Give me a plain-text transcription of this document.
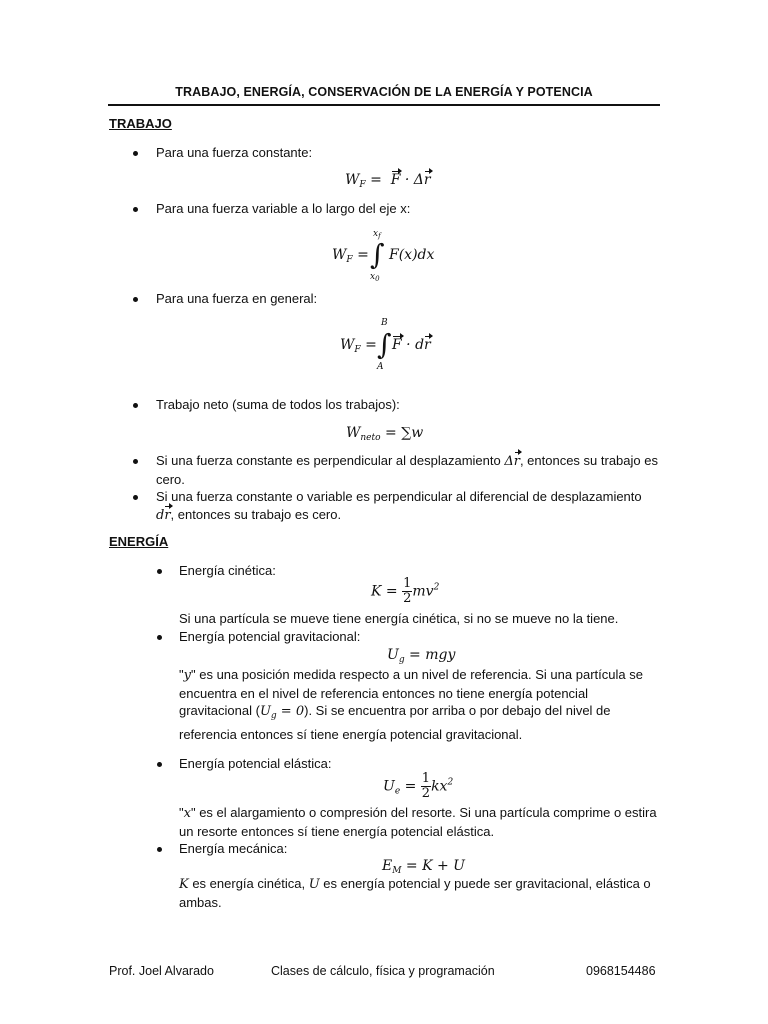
TRABAJO, ENERGÍA, CONSERVACIÓN DE LA ENERGÍA Y POTENCIA
TRABAJO
Para una fuerza constante:
$W_F = F \cdot \Delta r$
Para una fuerza variable a lo largo del eje x:
$x_f$
$W_F$ = ∫ F(x)dx
$x_0$
Para una fuerza en general:
B
$W_F$ = ∫ F · dr
A
Trabajo neto (suma de todos los trabajos):
$W_{neto} = \sum w$
Si una fuerza constante es perpendicular al desplazamiento Δr, entonces su trabajo es
cero.
Si una fuerza constante o variable es perpendicular al diferencial de desplazamiento
dr, entonces su trabajo es cero.
ENERGÍA
Energía cinética:
$K = \frac{1}{2} mv^2$
Si una partícula se mueve tiene energía cinética, si no se mueve no la tiene.
Energía potencial gravitacional:
$U_g$ = mgy
"y" es una posición medida respecto a un nivel de referencia. Si una partícula se
encuentra en el nivel de referencia entonces no tiene energía potencial
gravitacional $(U_g = 0)$. Si se encuentra por arriba o por debajo del nivel de
referencia entonces sí tiene energía potencial gravitacional.
Energía potencial elástica:
$U_e = \frac{1}{2} kx^2$
"x" es el alargamiento o compresión del resorte. Si una partícula comprime o estira
un resorte entonces sí tiene energía potencial elástica.
Energía mecánica:
$E_M = K + U$
K es energía cinética, U es energía potencial y puede ser gravitacional, elástica o
ambas.
Prof. Joel Alvarado	Clases de cálculo, física y programación	0968154486
